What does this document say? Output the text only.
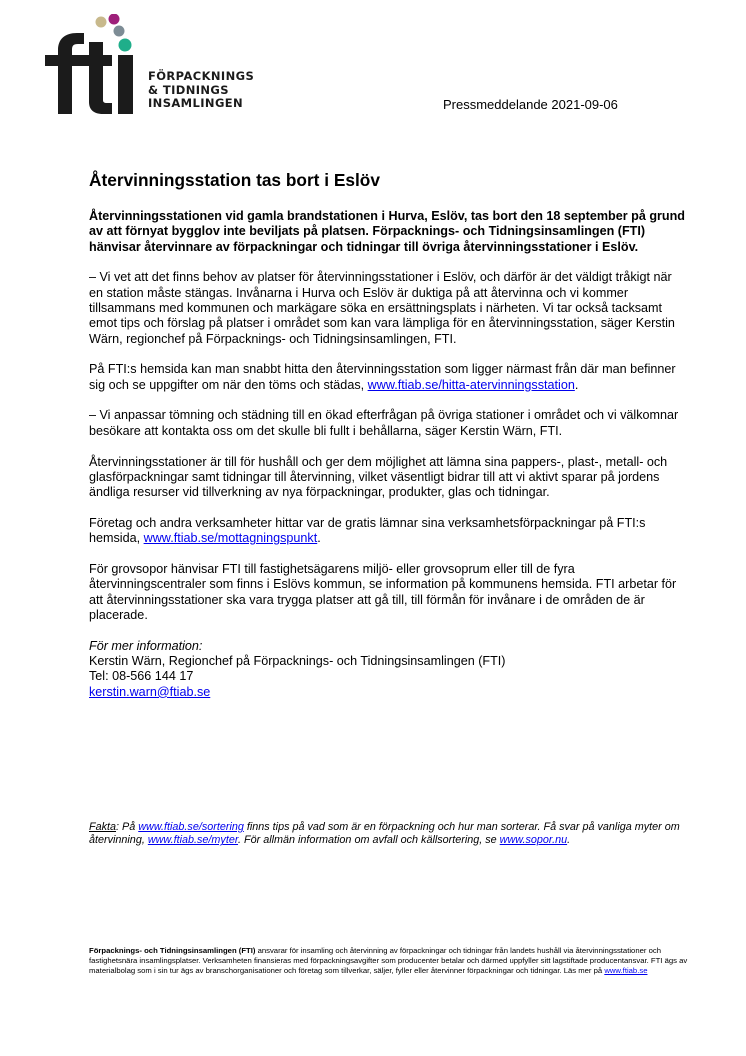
FÖRPACKNINGS
& TIDNINGS
INSAMLINGEN	Pressmeddelande 2021-09-06
Återvinningsstation tas bort i Eslöv

Återvinningsstationen vid gamla brandstationen i Hurva, Eslöv, tas bort den 18 september på grund av att förnyat bygglov inte beviljats på platsen. Förpacknings- och Tidningsinsamlingen (FTI) hänvisar återvinnare av förpackningar och tidningar till övriga återvinningsstationer i Eslöv.

– Vi vet att det finns behov av platser för återvinningsstationer i Eslöv, och därför är det väldigt tråkigt när en station måste stängas. Invånarna i Hurva och Eslöv är duktiga på att återvinna och vi kommer tillsammans med kommunen och markägare söka en ersättningsplats i närheten. Vi tar också tacksamt emot tips och förslag på platser i området som kan vara lämpliga för en återvinningsstation, säger Kerstin Wärn, regionchef på Förpacknings- och Tidningsinsamlingen, FTI.

På FTI:s hemsida kan man snabbt hitta den återvinningsstation som ligger närmast från där man befinner sig och se uppgifter om när den töms och städas, www.ftiab.se/hitta-atervinningsstation.

– Vi anpassar tömning och städning till en ökad efterfrågan på övriga stationer i området och vi välkomnar besökare att kontakta oss om det skulle bli fullt i behållarna, säger Kerstin Wärn, FTI.

Återvinningsstationer är till för hushåll och ger dem möjlighet att lämna sina pappers-, plast-, metall- och glasförpackningar samt tidningar till återvinning, vilket väsentligt bidrar till att vi aktivt sparar på jordens ändliga resurser vid tillverkning av nya förpackningar, produkter, glas och tidningar.

Företag och andra verksamheter hittar var de gratis lämnar sina verksamhetsförpackningar på FTI:s hemsida, www.ftiab.se/mottagningspunkt.

För grovsopor hänvisar FTI till fastighetsägarens miljö- eller grovsoprum eller till de fyra återvinningscentraler som finns i Eslövs kommun, se information på kommunens hemsida. FTI arbetar för att återvinningsstationer ska vara trygga platser att gå till, till förmån för invånare i de områden de är placerade.

För mer information:
Kerstin Wärn, Regionchef på Förpacknings- och Tidningsinsamlingen (FTI)
Tel: 08-566 144 17
kerstin.warn@ftiab.se
Fakta: På www.ftiab.se/sortering finns tips på vad som är en förpackning och hur man sorterar. Få svar på vanliga myter om återvinning, www.ftiab.se/myter. För allmän information om avfall och källsortering, se www.sopor.nu.
Förpacknings- och Tidningsinsamlingen (FTI) ansvarar för insamling och återvinning av förpackningar och tidningar från landets hushåll via återvinningsstationer och fastighetsnära insamlingsplatser. Verksamheten finansieras med förpackningsavgifter som producenter betalar och därmed uppfyller sitt lagstiftade producentansvar. FTI ägs av materialbolag som i sin tur ägs av branschorganisationer och företag som tillverkar, säljer, fyller eller återvinner förpackningar och tidningar. Läs mer på www.ftiab.se
